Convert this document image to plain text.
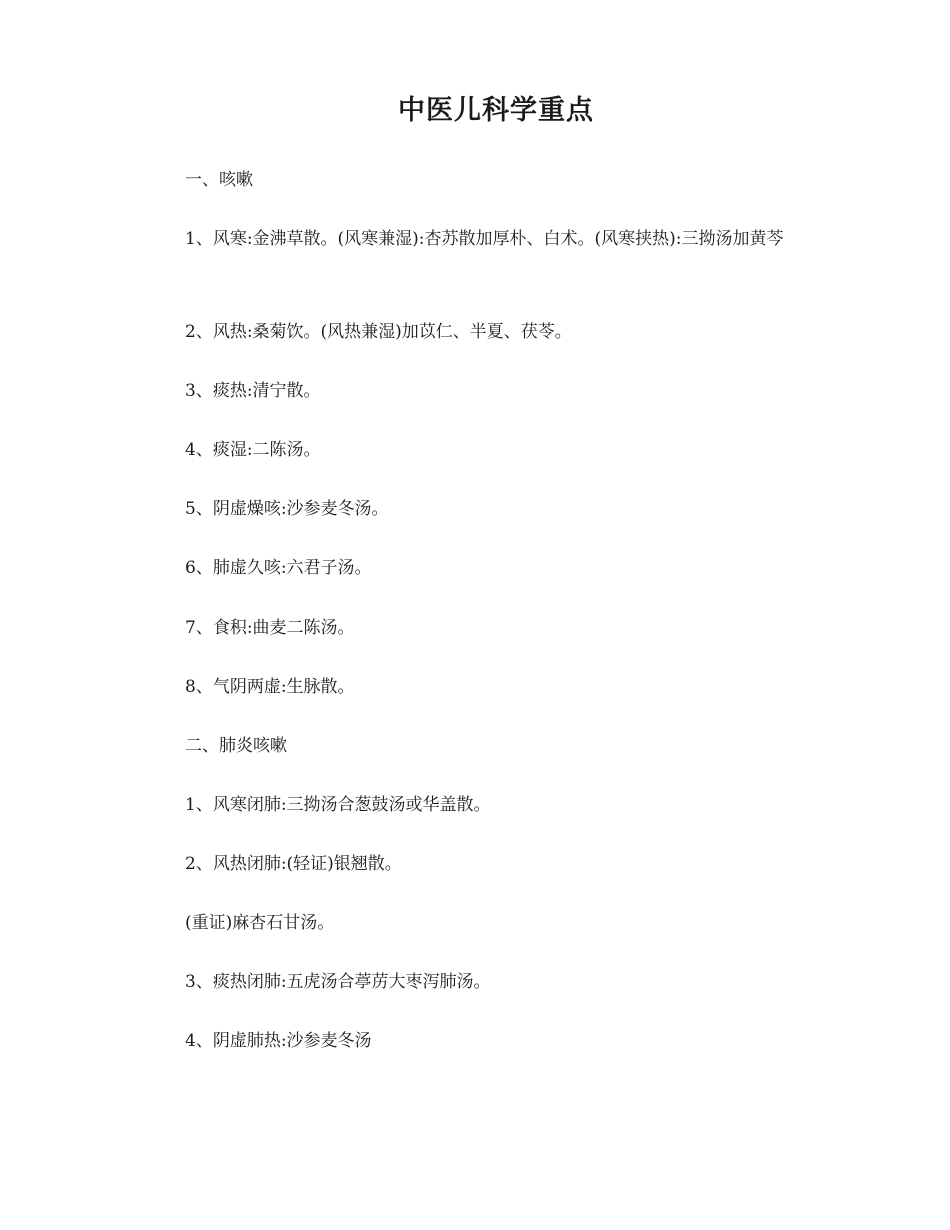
中医儿科学重点

一、咳嗽

1、风寒:金沸草散。(风寒兼湿):杏苏散加厚朴、白术。(风寒挟热):三拗汤加黄芩

2、风热:桑菊饮。(风热兼湿)加苡仁、半夏、茯苓。

3、痰热:清宁散。

4、痰湿:二陈汤。

5、阴虚燥咳:沙参麦冬汤。

6、肺虚久咳:六君子汤。

7、食积:曲麦二陈汤。

8、气阴两虚:生脉散。

二、肺炎咳嗽

1、风寒闭肺:三拗汤合葱鼓汤或华盖散。

2、风热闭肺:(轻证)银翘散。

(重证)麻杏石甘汤。

3、痰热闭肺:五虎汤合葶苈大枣泻肺汤。

4、阴虚肺热:沙参麦冬汤
